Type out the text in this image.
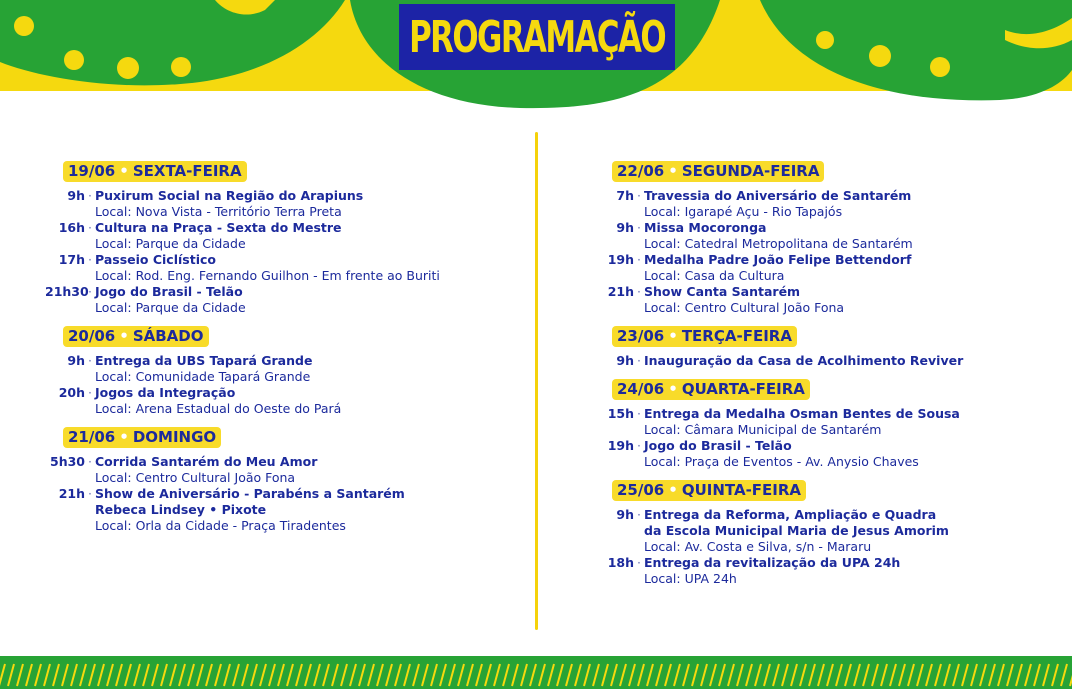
PROGRAMAÇÃO
19/06 • SEXTA-FEIRA
9h · Puxirum Social na Região do Arapiuns
Local: Nova Vista - Território Terra Preta
16h · Cultura na Praça - Sexta do Mestre
Local: Parque da Cidade
17h · Passeio Ciclístico
Local: Rod. Eng. Fernando Guilhon - Em frente ao Buriti
21h30 · Jogo do Brasil - Telão
Local: Parque da Cidade
20/06 • SÁBADO
9h · Entrega da UBS Tapará Grande
Local: Comunidade Tapará Grande
20h · Jogos da Integração
Local: Arena Estadual do Oeste do Pará
21/06 • DOMINGO
5h30 · Corrida Santarém do Meu Amor
Local: Centro Cultural João Fona
21h · Show de Aniversário - Parabéns a Santarém
Rebeca Lindsey • Pixote
Local: Orla da Cidade - Praça Tiradentes
22/06 • SEGUNDA-FEIRA
7h · Travessia do Aniversário de Santarém
Local: Igarapé Açu - Rio Tapajós
9h · Missa Mocoronga
Local: Catedral Metropolitana de Santarém
19h · Medalha Padre João Felipe Bettendorf
Local: Casa da Cultura
21h · Show Canta Santarém
Local: Centro Cultural João Fona
23/06 • TERÇA-FEIRA
9h · Inauguração da Casa de Acolhimento Reviver
24/06 • QUARTA-FEIRA
15h · Entrega da Medalha Osman Bentes de Sousa
Local: Câmara Municipal de Santarém
19h · Jogo do Brasil - Telão
Local: Praça de Eventos - Av. Anysio Chaves
25/06 • QUINTA-FEIRA
9h · Entrega da Reforma, Ampliação e Quadra
da Escola Municipal Maria de Jesus Amorim
Local: Av. Costa e Silva, s/n - Mararu
18h · Entrega da revitalização da UPA 24h
Local: UPA 24h
